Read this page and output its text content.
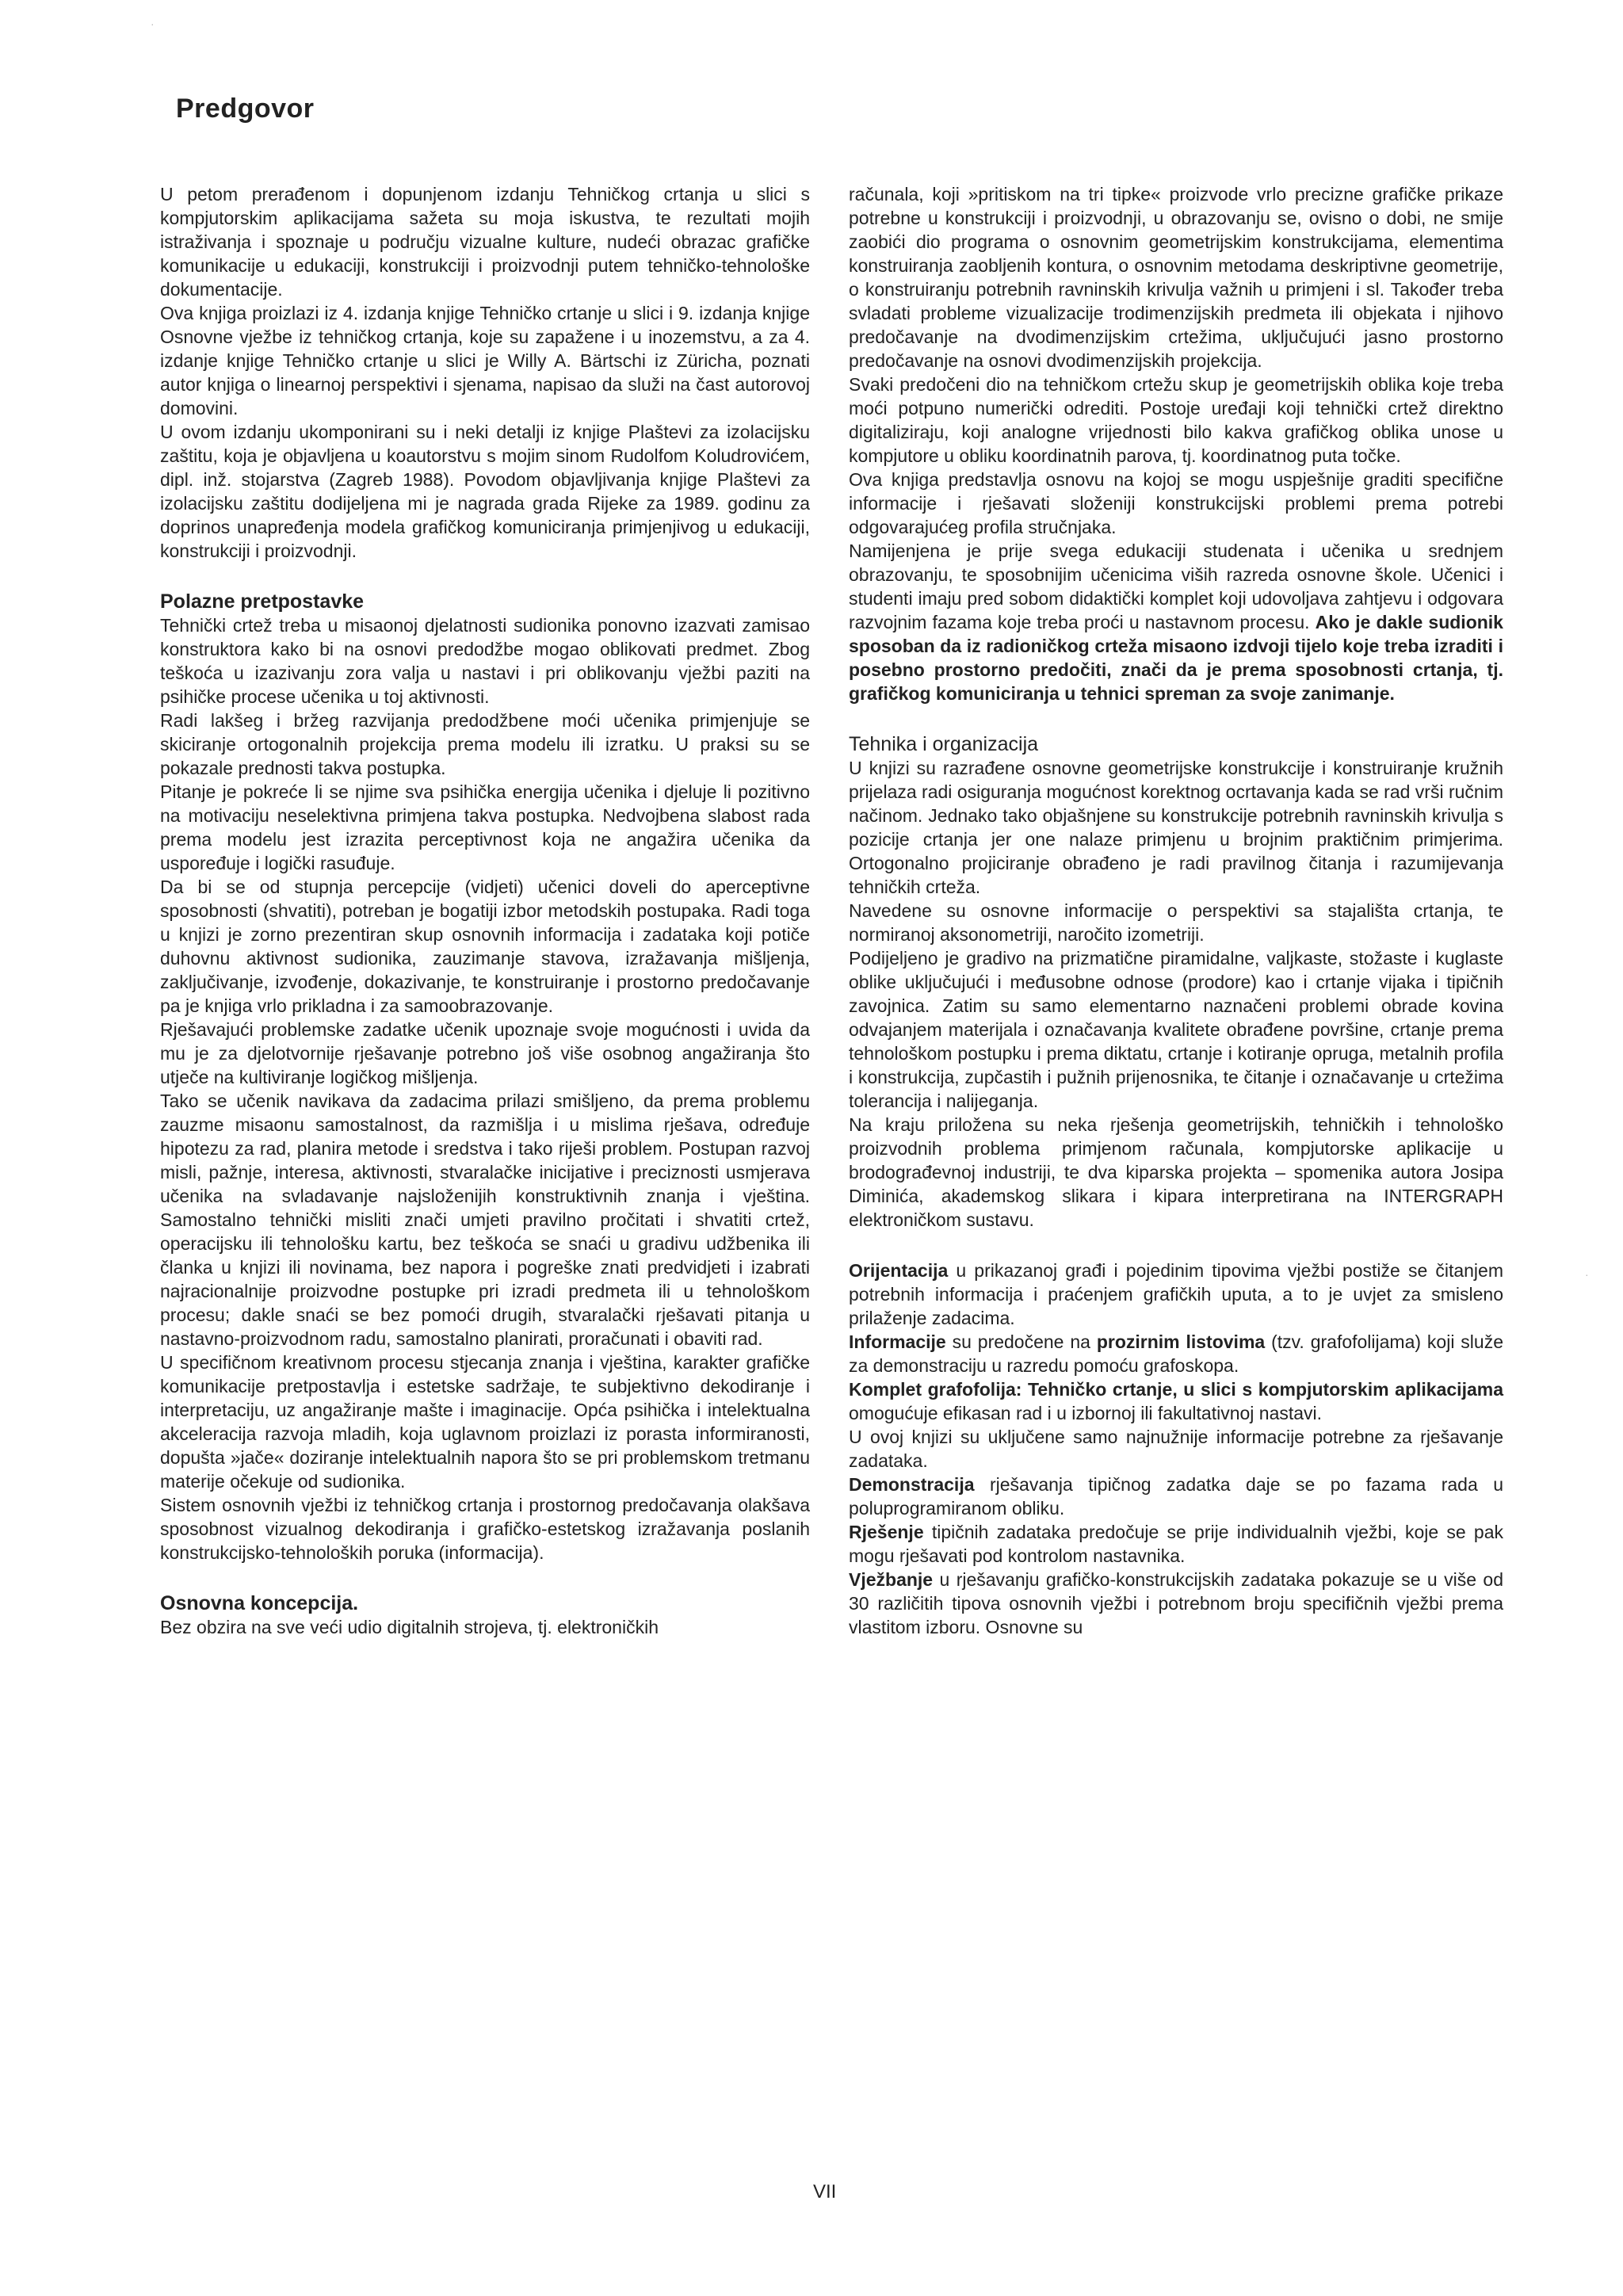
Predgovor

U petom prerađenom i dopunjenom izdanju Tehničkog crtanja u slici s kompjutorskim aplikacijama sažeta su moja iskustva, te rezultati mojih istraživanja i spoznaje u području vizualne kulture, nudeći obrazac grafičke komunikacije u edukaciji, konstrukciji i proizvodnji putem tehničko-tehnološke dokumentacije.

Ova knjiga proizlazi iz 4. izdanja knjige Tehničko crtanje u slici i 9. izdanja knjige Osnovne vježbe iz tehničkog crtanja, koje su zapažene i u inozemstvu, a za 4. izdanje knjige Tehničko crtanje u slici je Willy A. Bärtschi iz Züricha, poznati autor knjiga o linearnoj perspektivi i sjenama, napisao da služi na čast autorovoj domovini.

U ovom izdanju ukomponirani su i neki detalji iz knjige Plaštevi za izolacijsku zaštitu, koja je objavljena u koautorstvu s mojim sinom Rudolfom Koludrovićem, dipl. inž. stojarstva (Zagreb 1988). Povodom objavljivanja knjige Plaštevi za izolacijsku zaštitu dodijeljena mi je nagrada grada Rijeke za 1989. godinu za doprinos unapređenja modela grafičkog komuniciranja primjenjivog u edukaciji, konstrukciji i proizvodnji.

Polazne pretpostavke

Tehnički crtež treba u misaonoj djelatnosti sudionika ponovno izazvati zamisao konstruktora kako bi na osnovi predodžbe mogao oblikovati predmet. Zbog teškoća u izazivanju zora valja u nastavi i pri oblikovanju vježbi paziti na psihičke procese učenika u toj aktivnosti.

Radi lakšeg i bržeg razvijanja predodžbene moći učenika primjenjuje se skiciranje ortogonalnih projekcija prema modelu ili izratku. U praksi su se pokazale prednosti takva postupka.

Pitanje je pokreće li se njime sva psihička energija učenika i djeluje li pozitivno na motivaciju neselektivna primjena takva postupka. Nedvojbena slabost rada prema modelu jest izrazita perceptivnost koja ne angažira učenika da uspoređuje i logički rasuđuje.

Da bi se od stupnja percepcije (vidjeti) učenici doveli do aperceptivne sposobnosti (shvatiti), potreban je bogatiji izbor metodskih postupaka. Radi toga u knjizi je zorno prezentiran skup osnovnih informacija i zadataka koji potiče duhovnu aktivnost sudionika, zauzimanje stavova, izražavanja mišljenja, zaključivanje, izvođenje, dokazivanje, te konstruiranje i prostorno predočavanje pa je knjiga vrlo prikladna i za samoobrazovanje.

Rješavajući problemske zadatke učenik upoznaje svoje mogućnosti i uvida da mu je za djelotvornije rješavanje potrebno još više osobnog angažiranja što utječe na kultiviranje logičkog mišljenja.

Tako se učenik navikava da zadacima prilazi smišljeno, da prema problemu zauzme misaonu samostalnost, da razmišlja i u mislima rješava, određuje hipotezu za rad, planira metode i sredstva i tako riješi problem. Postupan razvoj misli, pažnje, interesa, aktivnosti, stvaralačke inicijative i preciznosti usmjerava učenika na svladavanje najsloženijih konstruktivnih znanja i vještina. Samostalno tehnički misliti znači umjeti pravilno pročitati i shvatiti crtež, operacijsku ili tehnološku kartu, bez teškoća se snaći u gradivu udžbenika ili članka u knjizi ili novinama, bez napora i pogreške znati predvidjeti i izabrati najracionalnije proizvodne postupke pri izradi predmeta ili u tehnološkom procesu; dakle snaći se bez pomoći drugih, stvaralački rješavati pitanja u nastavno-proizvodnom radu, samostalno planirati, proračunati i obaviti rad.

U specifičnom kreativnom procesu stjecanja znanja i vještina, karakter grafičke komunikacije pretpostavlja i estetske sadržaje, te subjektivno dekodiranje i interpretaciju, uz angažiranje mašte i imaginacije. Opća psihička i intelektualna akceleracija razvoja mladih, koja uglavnom proizlazi iz porasta informiranosti, dopušta »jače« doziranje intelektualnih napora što se pri problemskom tretmanu materije očekuje od sudionika.

Sistem osnovnih vježbi iz tehničkog crtanja i prostornog predočavanja olakšava sposobnost vizualnog dekodiranja i grafičko-estetskog izražavanja poslanih konstrukcijsko-tehnoloških poruka (informacija).

Osnovna koncepcija.

Bez obzira na sve veći udio digitalnih strojeva, tj. elektroničkih

računala, koji »pritiskom na tri tipke« proizvode vrlo precizne grafičke prikaze potrebne u konstrukciji i proizvodnji, u obrazovanju se, ovisno o dobi, ne smije zaobići dio programa o osnovnim geometrijskim konstrukcijama, elementima konstruiranja zaobljenih kontura, o osnovnim metodama deskriptivne geometrije, o konstruiranju potrebnih ravninskih krivulja važnih u primjeni i sl. Također treba svladati probleme vizualizacije trodimenzijskih predmeta ili objekata i njihovo predočavanje na dvodimenzijskim crtežima, uključujući jasno prostorno predočavanje na osnovi dvodimenzijskih projekcija.

Svaki predočeni dio na tehničkom crtežu skup je geometrijskih oblika koje treba moći potpuno numerički odrediti. Postoje uređaji koji tehnički crtež direktno digitaliziraju, koji analogne vrijednosti bilo kakva grafičkog oblika unose u kompjutore u obliku koordinatnih parova, tj. koordinatnog puta točke.

Ova knjiga predstavlja osnovu na kojoj se mogu uspješnije graditi specifične informacije i rješavati složeniji konstrukcijski problemi prema potrebi odgovarajućeg profila stručnjaka.

Namijenjena je prije svega edukaciji studenata i učenika u srednjem obrazovanju, te sposobnijim učenicima viših razreda osnovne škole. Učenici i studenti imaju pred sobom didaktički komplet koji udovoljava zahtjevu i odgovara razvojnim fazama koje treba proći u nastavnom procesu. Ako je dakle sudionik sposoban da iz radioničkog crteža misaono izdvoji tijelo koje treba izraditi i posebno prostorno predočiti, znači da je prema sposobnosti crtanja, tj. grafičkog komuniciranja u tehnici spreman za svoje zanimanje.

Tehnika i organizacija

U knjizi su razrađene osnovne geometrijske konstrukcije i konstruiranje kružnih prijelaza radi osiguranja mogućnost korektnog ocrtavanja kada se rad vrši ručnim načinom. Jednako tako objašnjene su konstrukcije potrebnih ravninskih krivulja s pozicije crtanja jer one nalaze primjenu u brojnim praktičnim primjerima. Ortogonalno projiciranje obrađeno je radi pravilnog čitanja i razumijevanja tehničkih crteža.

Navedene su osnovne informacije o perspektivi sa stajališta crtanja, te normiranoj aksonometriji, naročito izometriji.

Podijeljeno je gradivo na prizmatične piramidalne, valjkaste, stožaste i kuglaste oblike uključujući i međusobne odnose (prodore) kao i crtanje vijaka i tipičnih zavojnica. Zatim su samo elementarno naznačeni problemi obrade kovina odvajanjem materijala i označavanja kvalitete obrađene površine, crtanje prema tehnološkom postupku i prema diktatu, crtanje i kotiranje opruga, metalnih profila i konstrukcija, zupčastih i pužnih prijenosnika, te čitanje i označavanje u crtežima tolerancija i nalijeganja.

Na kraju priložena su neka rješenja geometrijskih, tehničkih i tehnološko proizvodnih problema primjenom računala, kompjutorske aplikacije u brodograđevnoj industriji, te dva kiparska projekta – spomenika autora Josipa Diminića, akademskog slikara i kipara interpretirana na INTERGRAPH elektroničkom sustavu.

Orijentacija u prikazanoj građi i pojedinim tipovima vježbi postiže se čitanjem potrebnih informacija i praćenjem grafičkih uputa, a to je uvjet za smisleno prilaženje zadacima.

Informacije su predočene na prozirnim listovima (tzv. grafofolijama) koji služe za demonstraciju u razredu pomoću grafoskopa.

Komplet grafofolija: Tehničko crtanje, u slici s kompjutorskim aplikacijama omogućuje efikasan rad i u izbornoj ili fakultativnoj nastavi.

U ovoj knjizi su uključene samo najnužnije informacije potrebne za rješavanje zadataka.

Demonstracija rješavanja tipičnog zadatka daje se po fazama rada u poluprogramiranom obliku.

Rješenje tipičnih zadataka predočuje se prije individualnih vježbi, koje se pak mogu rješavati pod kontrolom nastavnika.

Vježbanje u rješavanju grafičko-konstrukcijskih zadataka pokazuje se u više od 30 različitih tipova osnovnih vježbi i potrebnom broju specifičnih vježbi prema vlastitom izboru. Osnovne su

VII
·
·
